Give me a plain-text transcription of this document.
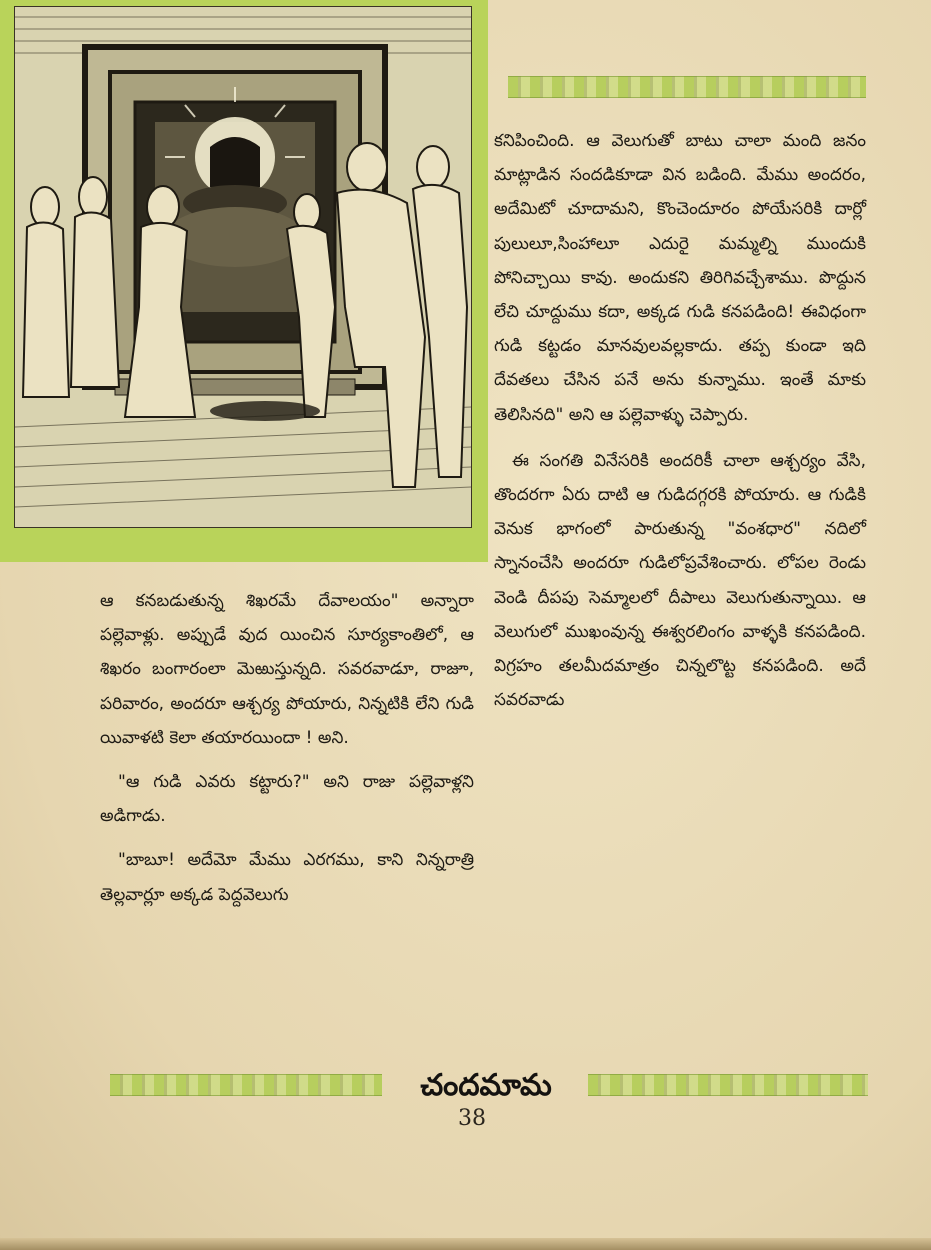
కనిపించింది. ఆ వెలుగుతో బాటు చాలా మంది జనం మాట్లాడిన సందడికూడా విన బడింది. మేము అందరం, అదేమిటో చూదామని, కొంచెందూరం పోయేసరికి దార్లో పులులూ,సింహాలూ ఎదురై మమ్మల్ని ముందుకి పోనిచ్చాయి కావు. అందుకని తిరిగివచ్చేశాము. పొద్దున లేచి చూద్దుము కదా, అక్కడ గుడి కనపడింది! ఈవిధంగా గుడి కట్టడం మానవులవల్లకాదు. తప్ప కుండా ఇది దేవతలు చేసిన పనే అను కున్నాము. ఇంతే మాకు తెలిసినది" అని ఆ పల్లెవాళ్ళు చెప్పారు.

ఈ సంగతి వినేసరికి అందరికీ చాలా ఆశ్చర్యం వేసి, తొందరగా ఏరు దాటి ఆ గుడిదగ్గరకి పోయారు. ఆ గుడికి వెనుక భాగంలో పారుతున్న "వంశధార" నదిలో స్నానంచేసి అందరూ గుడిలోప్రవేశించారు. లోపల రెండు వెండి దీపపు సెమ్మాలలో దీపాలు వెలుగుతున్నాయి. ఆ వెలుగులో ముఖంవున్న ఈశ్వరలింగం వాళ్ళకి కనపడింది. విగ్రహం తలమీదమాత్రం చిన్నలొట్ట కనపడింది. అదే సవరవాడు

ఆ కనబడుతున్న శిఖరమే దేవాలయం" అన్నారా పల్లెవాళ్లు. అప్పుడే వుద యించిన సూర్యకాంతిలో, ఆ శిఖరం బంగారంలా మెఱుస్తున్నది. సవరవాడూ, రాజూ, పరివారం, అందరూ ఆశ్చర్య పోయారు, నిన్నటికి లేని గుడి యివాళటి కెలా తయారయిందా ! అని.

"ఆ గుడి ఎవరు కట్టారు?" అని రాజు పల్లెవాళ్లని అడిగాడు.

"బాబూ! అదేమో మేము ఎరగము, కాని నిన్నరాత్రి తెల్లవార్లూ అక్కడ పెద్దవెలుగు

చందమామ
38
